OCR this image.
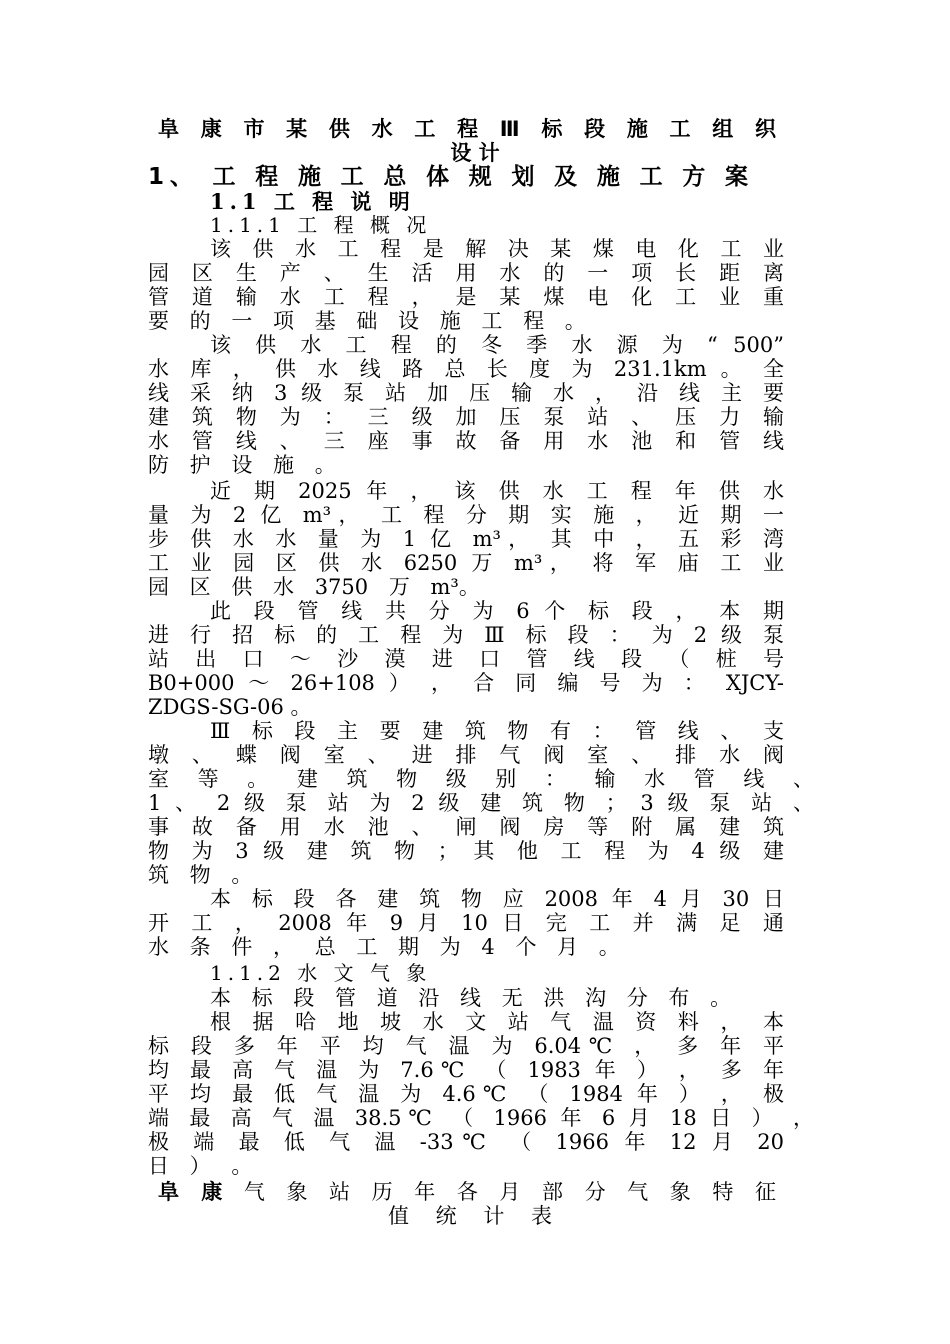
阜 康 市 某 供 水 工 程 Ⅲ 标 段 施 工 组 织
设 计
1、 工 程 施 工 总 体 规 划 及 施 工 方 案
1.1 工 程 说 明
1.1.1 工 程 概 况
该 供 水 工 程 是 解 决 某 煤 电 化 工 业
园 区 生 产 、 生 活 用 水 的 一 项 长 距 离
管 道 输 水 工 程 ， 是 某 煤 电 化 工 业 重
要 的 一 项 基 础 设 施 工 程 。
该 供 水 工 程 的 冬 季 水 源 为 “ 500”
水 库 ， 供 水 线 路 总 长 度 为 231.1km 。 全
线 采 纳 3 级 泵 站 加 压 输 水 ， 沿 线 主 要
建 筑 物 为 ： 三 级 加 压 泵 站 、 压 力 输
水 管 线 、 三 座 事 故 备 用 水 池 和 管 线
防 护 设 施 。
近 期 2025 年 ， 该 供 水 工 程 年 供 水
量 为 2 亿 m³， 工 程 分 期 实 施 ， 近 期 一
步 供 水 水 量 为 1 亿 m³， 其 中 ， 五 彩 湾
工 业 园 区 供 水 6250 万 m³， 将 军 庙 工 业
园 区 供 水 3750 万 m³。
此 段 管 线 共 分 为 6 个 标 段 ， 本 期
进 行 招 标 的 工 程 为 Ⅲ 标 段 ： 为 2 级 泵
站 出 口 ～ 沙 漠 进 口 管 线 段 （ 桩 号
B0+000 ～ 26+108 ） ， 合 同 编 号 为 ： XJCY-
ZDGS-SG-06 。
Ⅲ 标 段 主 要 建 筑 物 有 ： 管 线 、 支
墩 、 蝶 阀 室 、 进 排 气 阀 室 、 排 水 阀
室 等 。 建 筑 物 级 别 ： 输 水 管 线 、
1 、 2 级 泵 站 为 2 级 建 筑 物 ； 3 级 泵 站 、
事 故 备 用 水 池 、 闸 阀 房 等 附 属 建 筑
物 为 3 级 建 筑 物 ； 其 他 工 程 为 4 级 建
筑 物 。
本 标 段 各 建 筑 物 应 2008 年 4 月 30 日
开 工 ， 2008 年 9 月 10 日 完 工 并 满 足 通
水 条 件 ， 总 工 期 为 4 个 月 。
1.1.2 水 文 气 象
本 标 段 管 道 沿 线 无 洪 沟 分 布 。
根 据 哈 地 坡 水 文 站 气 温 资 料 ， 本
标 段 多 年 平 均 气 温 为 6.04℃ ， 多 年 平
均 最 高 气 温 为 7.6℃ （ 1983 年 ） ， 多 年
平 均 最 低 气 温 为 4.6℃ （ 1984 年 ） ， 极
端 最 高 气 温 38.5℃ （ 1966 年 6 月 18 日 ） ，
极 端 最 低 气 温 -33℃ （ 1966 年 12 月 20
日 ） 。
阜 康 气 象 站 历 年 各 月 部 分 气 象 特 征
值 统 计 表
